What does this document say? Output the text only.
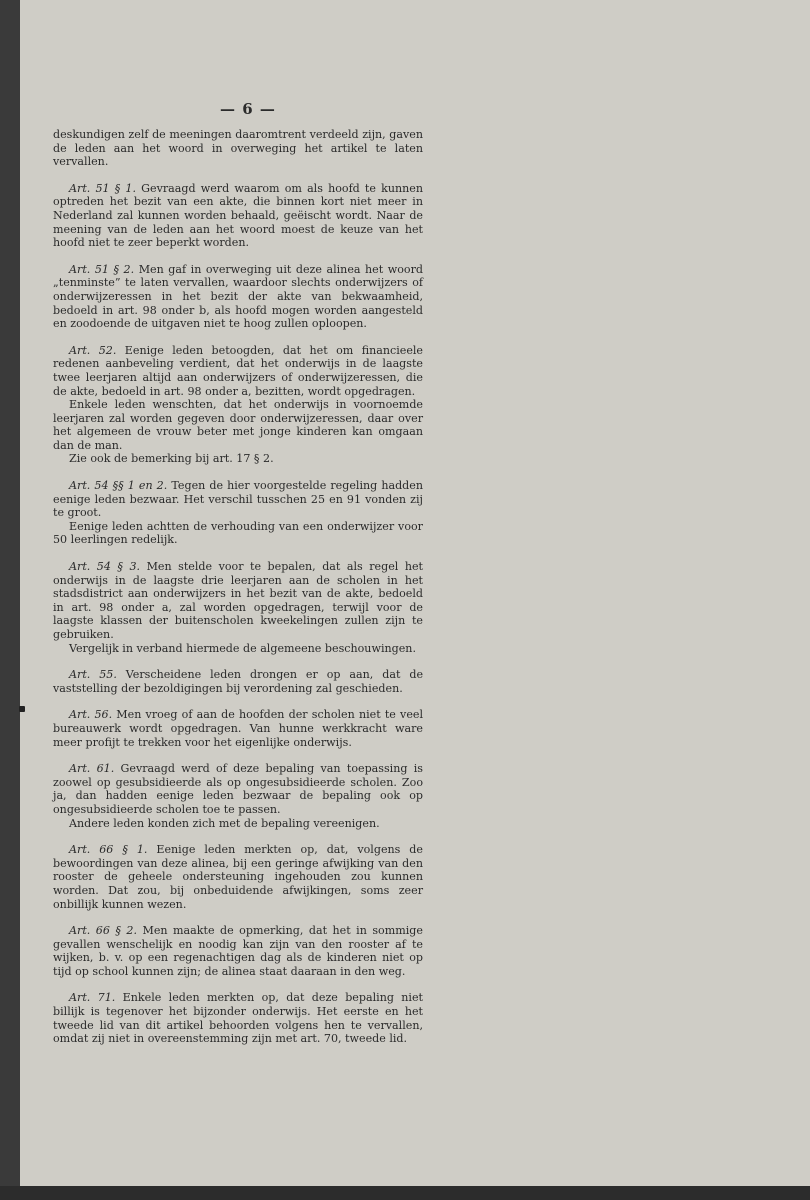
— 6 —

deskundigen zelf de meeningen daaromtrent verdeeld zijn, gaven de leden aan het woord in overweging het artikel te laten vervallen.

Art. 51 § 1. Gevraagd werd waarom om als hoofd te kunnen optreden het bezit van een akte, die binnen kort niet meer in Nederland zal kunnen worden behaald, geëischt wordt. Naar de meening van de leden aan het woord moest de keuze van het hoofd niet te zeer beperkt worden.

Art. 51 § 2. Men gaf in overweging uit deze alinea het woord „tenminste” te laten vervallen, waardoor slechts onderwijzers of onderwijzeressen in het bezit der akte van bekwaamheid, bedoeld in art. 98 onder b, als hoofd mogen worden aangesteld en zoodoende de uitgaven niet te hoog zullen oploopen.

Art. 52. Eenige leden betoogden, dat het om financieele redenen aanbeveling verdient, dat het onderwijs in de laagste twee leerjaren altijd aan onderwijzers of onderwijzeressen, die de akte, bedoeld in art. 98 onder a, bezitten, wordt opgedragen.

Enkele leden wenschten, dat het onderwijs in voornoemde leerjaren zal worden gegeven door onderwijzeressen, daar over het algemeen de vrouw beter met jonge kinderen kan omgaan dan de man.

Zie ook de bemerking bij art. 17 § 2.

Art. 54 §§ 1 en 2. Tegen de hier voorgestelde regeling hadden eenige leden bezwaar. Het verschil tusschen 25 en 91 vonden zij te groot.

Eenige leden achtten de verhouding van een onderwijzer voor 50 leerlingen redelijk.

Art. 54 § 3. Men stelde voor te bepalen, dat als regel het onderwijs in de laagste drie leerjaren aan de scholen in het stadsdistrict aan onderwijzers in het bezit van de akte, bedoeld in art. 98 onder a, zal worden opgedragen, terwijl voor de laagste klassen der buitenscholen kweekelingen zullen zijn te gebruiken.

Vergelijk in verband hiermede de algemeene beschouwingen.

Art. 55. Verscheidene leden drongen er op aan, dat de vaststelling der bezoldigingen bij verordening zal geschieden.

Art. 56. Men vroeg of aan de hoofden der scholen niet te veel bureauwerk wordt opgedragen. Van hunne werkkracht ware meer profijt te trekken voor het eigenlijke onderwijs.

Art. 61. Gevraagd werd of deze bepaling van toepassing is zoowel op gesubsidieerde als op ongesubsidieerde scholen. Zoo ja, dan hadden eenige leden bezwaar de bepaling ook op ongesubsidieerde scholen toe te passen.

Andere leden konden zich met de bepaling vereenigen.

Art. 66 § 1. Eenige leden merkten op, dat, volgens de bewoordingen van deze alinea, bij een geringe afwijking van den rooster de geheele ondersteuning ingehouden zou kunnen worden. Dat zou, bij onbeduidende afwijkingen, soms zeer onbillijk kunnen wezen.

Art. 66 § 2. Men maakte de opmerking, dat het in sommige gevallen wenschelijk en noodig kan zijn van den rooster af te wijken, b. v. op een regenachtigen dag als de kinderen niet op tijd op school kunnen zijn; de alinea staat daaraan in den weg.

Art. 71. Enkele leden merkten op, dat deze bepaling niet billijk is tegenover het bijzonder onderwijs. Het eerste en het tweede lid van dit artikel behoorden volgens hen te vervallen, omdat zij niet in overeenstemming zijn met art. 70, tweede lid.
